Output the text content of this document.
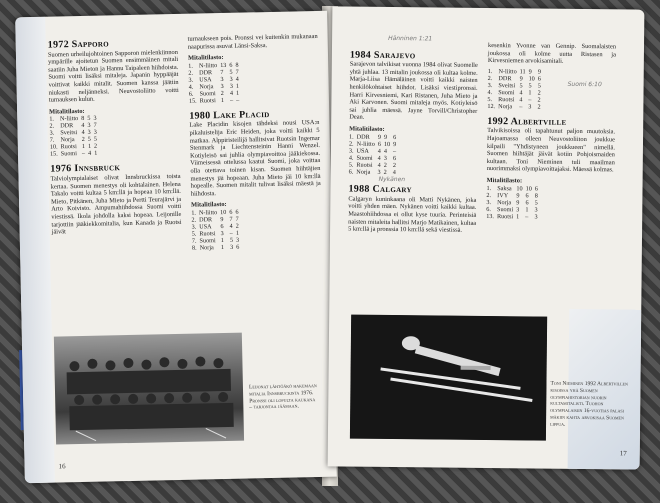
1972 Sapporo

Suomen urheilujohtoinen Sapporon mielenkiinnon ympärille ajoitetun Suomen ensimmäinen mitali saatiin Juha Mieton ja Hannu Taipaleen hiihdoista. Suomi voitti lisäksi mitaleja. Japanin hyppääjät voittivat kaikki mitalit. Suomen kanssa jäätiin niukasti neljänneksi. Neuvostoliitto voitti turnauksen kulun.

Mitalitilasto:
1.	N-liitto	8	5	3
2.	DDR	4	3	7
3.	Sveitsi	4	3	3
7.	Norja	2	5	5
10.	Ruotsi	1	1	2
15.	Suomi	–	4	1
1976 Innsbruck

Talviolympialaiset olivat Innsbruckissa toista kertaa. Suomen menestys oli kohtalainen. Helena Takalo voitti kultaa 5 km:llä ja hopeaa 10 km:llä. Mieto, Pitkänen, Juha Mieto ja Pertti Teurajärvi ja Arto Koivisto. Ampumahiihdossa Suomi voitti viestissä. Ikola johdolla kaksi hopeaa. Leijonille tarjottiin jääkiekkomitalia, kun Kanada ja Ruotsi jäivät

turnaukseen pois. Pronssi vei kuitenkin mukanaan naapurissa asuvat Länsi-Saksa.

Mitalitilasto:
1.	N-liitto	13	6	8
2.	DDR	7	5	7
3.	USA	3	3	4
4.	Norja	3	3	1
6.	Suomi	2	4	1
15.	Ruotsi	1	–	–
1980 Lake Placid

Lake Placidin kisojen tähdeksi nousi USA:n pikaluistelija Eric Heiden, joka voitti kaikki 5 matkaa. Alppiristeilijä hallitsivat Ruotsin Ingemar Stenmark ja Liechtensteinin Hanni Wenzel. Kotiyleisö sai juhlia olympiavoittoa jääkiekossa. Viimeisessä ottelussa kaatui Suomi, joka voittaa olla otettava toinen kisan. Suomen hiihtäjien menestys jäi hopeaan. Juha Mieto jäi 10 km:llä hopealle. Suomen mitalit tulivat lisäksi mäestä ja hiihdosta.

Mitalitilasto:
1.	N-liitto	10	6	6
2.	DDR	9	7	7
3.	USA	6	4	2
5.	Ruotsi	3	–	1
7.	Suomi	1	5	3
8.	Norja	1	3	6
Leijonat lähtöäkö hakemaan mitalia Innsbruckista 1976. Pronssi oli lopulta kaukana – tarjontaa jäämaan.
16
Hänninen 1:21
1984 Sarajevo

Sarajevon talvikisat vuonna 1984 olivat Suomelle yhtä juhlaa. 13 mitalin joukossa oli kultaa kolme. Marja-Liisa Hämäläinen voitti kaikki naisten henkilökohtaiset hiihdot. Lisäksi viestipronssi. Harri Kirvesniemi, Kari Ristanen, Juha Mieto ja Aki Karvonen. Suomi mitaleja myös. Kotiyleisö sai juhlia mäessä. Jayne Torvill/Christopher Dean.

Mitalitilasto:
1.	DDR	9	9	6
2.	N-liitto	6	10	9
3.	USA	4	4	–
4.	Suomi	4	3	6
5.	Ruotsi	4	2	2
6.	Norja	3	2	4
Nykänen
1988 Calgary

Calgaryn kuninkaana oli Matti Nykänen, joka voitti yhden mäen. Nykänen voitti kaikki kultaa. Maastohiihdossa ei ollut kyse tuuria. Perinteisiä naisten mitaleita hallitsi Marjo Matikainen, kultaa 5 km:llä ja pronssia 10 km:llä sekä viestissä.

kesenkin Yvonne van Gennip. Suomalaisten joukossa oli kolme uutta Ristasen ja Kirvesniemen arvokisamitali.

1.	N-liitto	11	9	9
2.	DDR	9	10	6
3.	Sveitsi	5	5	5
4.	Suomi	4	1	2
5.	Ruotsi	4	–	2
12.	Norja	–	3	2
Suomi 6:10
1992 Albertville

Talvikisoissa oli tapahtunut paljon muutoksia. Hajoamassa olleen Neuvostoliiton joukkue kilpaili "Yhdistyneen joukkueen" nimellä. Suomen hiihtäjät jäivät kotiin Pohjoismaiden kultaan. Toni Nieminen tuli maailman nuorimmaksi olympiavoittajaksi. Mäessä kolmas.

Mitalitilasto:
1.	Saksa	10	10	6
2.	IVY	9	6	8
3.	Norja	9	6	5
6.	Suomi	3	1	3
13.	Ruotsi	1	–	3
Toni Nieminen 1992 Albertvillen kisoissa yhä Suomen olympiahistorian nuorin kultamitalisti. Tuohon olympialaisiin 16-vuotias palasi mäkiin kahta arvokisaa Suomen lippua.
17
